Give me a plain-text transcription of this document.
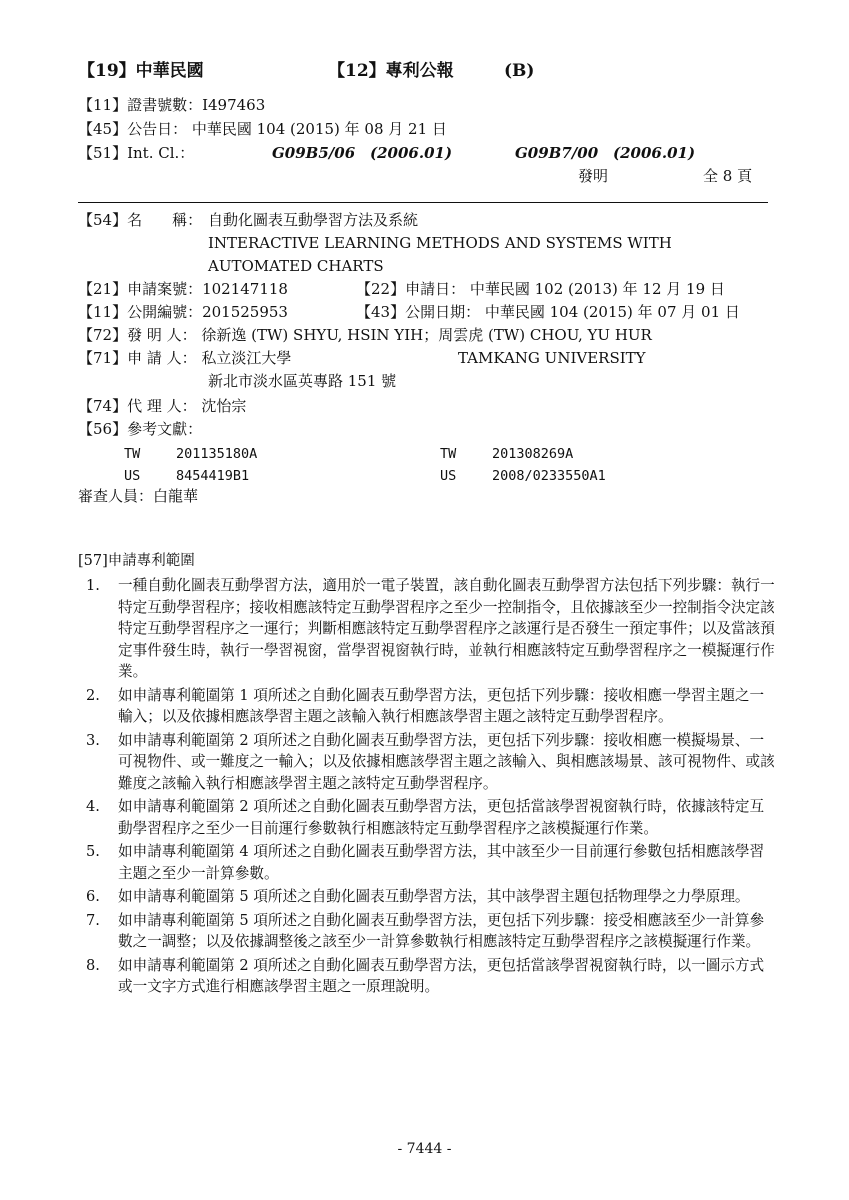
【19】中華民國	【12】專利公報	(B)
【11】證書號數：I497463
【45】公告日： 中華民國 104 (2015) 年 08 月 21 日
【51】Int. Cl.：	G09B5/06 (2006.01)	G09B7/00 (2006.01)
發明	全 8 頁
【54】名　　稱： 自動化圖表互動學習方法及系統
INTERACTIVE LEARNING METHODS AND SYSTEMS WITH
AUTOMATED CHARTS
【21】申請案號：102147118	【22】申請日： 中華民國 102 (2013) 年 12 月 19 日
【11】公開編號：201525953	【43】公開日期： 中華民國 104 (2015) 年 07 月 01 日
【72】發 明 人： 徐新逸 (TW) SHYU, HSIN YIH；周雲虎 (TW) CHOU, YU HUR
【71】申 請 人： 私立淡江大學	TAMKANG UNIVERSITY
新北市淡水區英專路 151 號
【74】代 理 人： 沈怡宗
【56】參考文獻：
TW	201135180A	TW	201308269A
US	8454419B1	US	2008/0233550A1
審查人員：白龍華
[57]申請專利範圍
1. 一種自動化圖表互動學習方法，適用於一電子裝置，該自動化圖表互動學習方法包括下列步驟：執行一特定互動學習程序；接收相應該特定互動學習程序之至少一控制指令，且依據該至少一控制指令決定該特定互動學習程序之一運行；判斷相應該特定互動學習程序之該運行是否發生一預定事件；以及當該預定事件發生時，執行一學習視窗，當學習視窗執行時，並執行相應該特定互動學習程序之一模擬運行作業。
2. 如申請專利範圍第 1 項所述之自動化圖表互動學習方法，更包括下列步驟：接收相應一學習主題之一輸入；以及依據相應該學習主題之該輸入執行相應該學習主題之該特定互動學習程序。
3. 如申請專利範圍第 2 項所述之自動化圖表互動學習方法，更包括下列步驟：接收相應一模擬場景、一可視物件、或一難度之一輸入；以及依據相應該學習主題之該輸入、與相應該場景、該可視物件、或該難度之該輸入執行相應該學習主題之該特定互動學習程序。
4. 如申請專利範圍第 2 項所述之自動化圖表互動學習方法，更包括當該學習視窗執行時，依據該特定互動學習程序之至少一目前運行參數執行相應該特定互動學習程序之該模擬運行作業。
5. 如申請專利範圍第 4 項所述之自動化圖表互動學習方法，其中該至少一目前運行參數包括相應該學習主題之至少一計算參數。
6. 如申請專利範圍第 5 項所述之自動化圖表互動學習方法，其中該學習主題包括物理學之力學原理。
7. 如申請專利範圍第 5 項所述之自動化圖表互動學習方法，更包括下列步驟：接受相應該至少一計算參數之一調整；以及依據調整後之該至少一計算參數執行相應該特定互動學習程序之該模擬運行作業。
8. 如申請專利範圍第 2 項所述之自動化圖表互動學習方法，更包括當該學習視窗執行時，以一圖示方式或一文字方式進行相應該學習主題之一原理說明。
- 7444 -
